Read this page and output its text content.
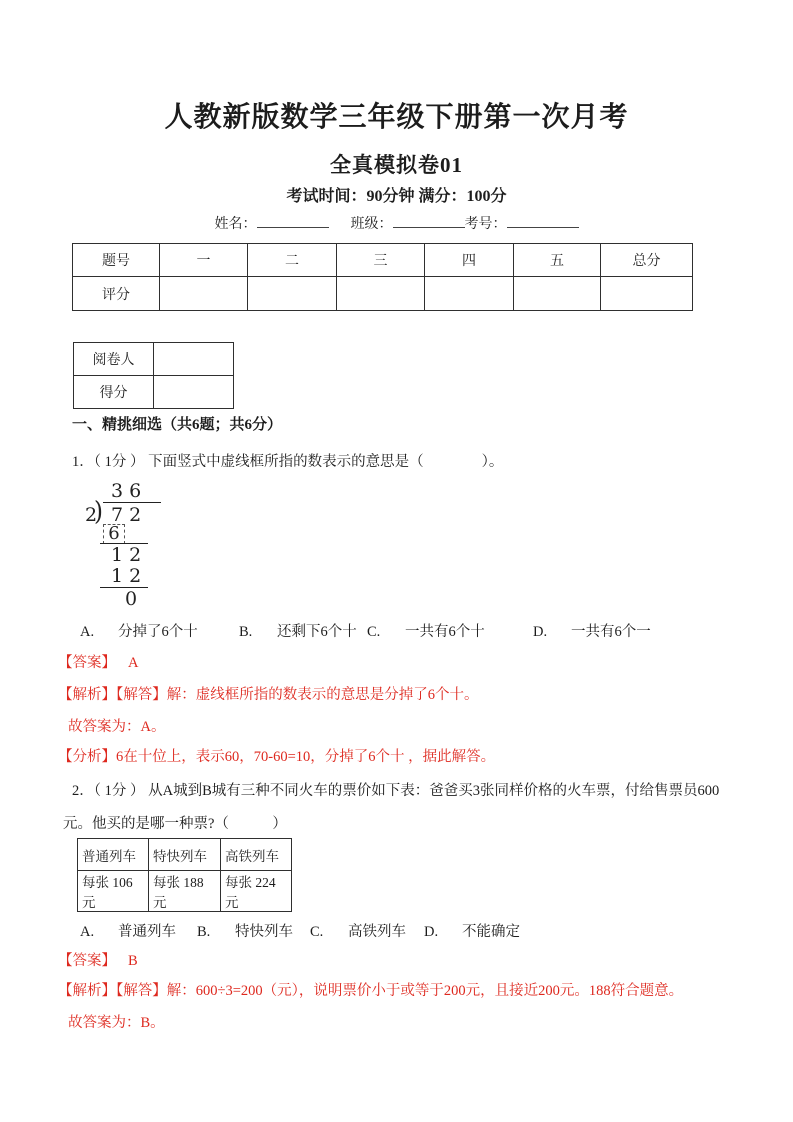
人教新版数学三年级下册第一次月考
全真模拟卷01
考试时间：90分钟 满分：100分
姓名：	班级：	考号：
题号	一	二	三	四	五	总分
评分						
阅卷人	
得分	
一、精挑细选（共6题；共6分）
1．（ 1分 ） 下面竖式中虚线框所指的数表示的意思是（　　　　）。
3 6
)
2 7 2
6
1 2
1 2
0
A. 分掉了6个十	B. 还剩下6个十 C. 一共有6个十	D. 一共有6个一
【答案】 A
【解析】【解答】解：虚线框所指的数表示的意思是分掉了6个十。
故答案为：A。
【分析】6在十位上，表示60，70-60=10，分掉了6个十 ，据此解答。
2．（ 1分 ） 从A城到B城有三种不同火车的票价如下表：爸爸买3张同样价格的火车票，付给售票员600
元。他买的是哪一种票?（　　　）
普通列车	特快列车	高铁列车
每张 106 元	每张 188 元	每张 224 元
A. 普通列车 B. 特快列车 C. 高铁列车 D. 不能确定
【答案】 B
【解析】【解答】解：600÷3=200（元），说明票价小于或等于200元，且接近200元。188符合题意。
故答案为：B。
